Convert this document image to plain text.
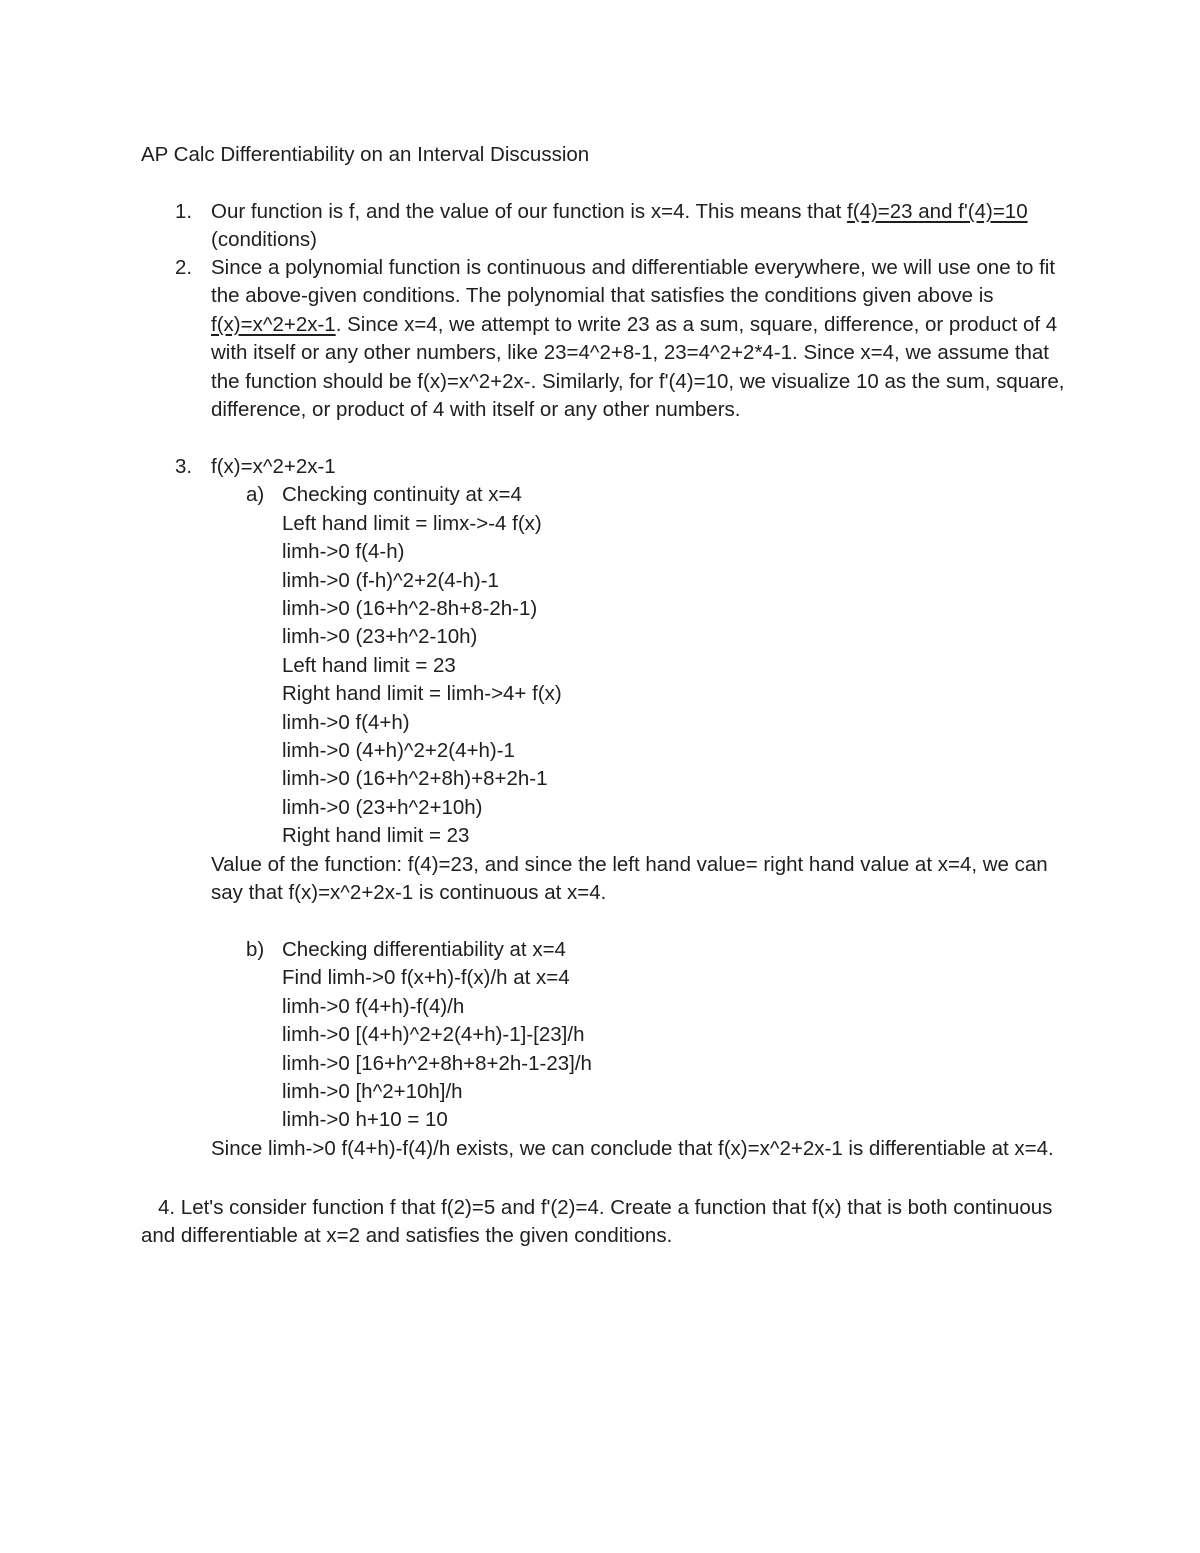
AP Calc Differentiability on an Interval Discussion
1. Our function is f, and the value of our function is x=4. This means that f(4)=23 and f'(4)=10 (conditions)
2. Since a polynomial function is continuous and differentiable everywhere, we will use one to fit the above-given conditions. The polynomial that satisfies the conditions given above is f(x)=x^2+2x-1. Since x=4, we attempt to write 23 as a sum, square, difference, or product of 4 with itself or any other numbers, like 23=4^2+8-1, 23=4^2+2*4-1. Since x=4, we assume that the function should be f(x)=x^2+2x-. Similarly, for f'(4)=10, we visualize 10 as the sum, square, difference, or product of 4 with itself or any other numbers.
3. f(x)=x^2+2x-1
a) Checking continuity at x=4
Left hand limit = limx->-4 f(x)
limh->0 f(4-h)
limh->0 (f-h)^2+2(4-h)-1
limh->0 (16+h^2-8h+8-2h-1)
limh->0 (23+h^2-10h)
Left hand limit = 23
Right hand limit = limh->4+ f(x)
limh->0 f(4+h)
limh->0 (4+h)^2+2(4+h)-1
limh->0 (16+h^2+8h)+8+2h-1
limh->0 (23+h^2+10h)
Right hand limit = 23
Value of the function: f(4)=23, and since the left hand value= right hand value at x=4, we can say that f(x)=x^2+2x-1 is continuous at x=4.
b) Checking differentiability at x=4
Find limh->0 f(x+h)-f(x)/h at x=4
limh->0 f(4+h)-f(4)/h
limh->0 [(4+h)^2+2(4+h)-1]-[23]/h
limh->0 [16+h^2+8h+8+2h-1-23]/h
limh->0 [h^2+10h]/h
limh->0 h+10 = 10
Since limh->0 f(4+h)-f(4)/h exists, we can conclude that f(x)=x^2+2x-1 is differentiable at x=4.
4. Let's consider function f that f(2)=5 and f'(2)=4. Create a function that f(x) that is both continuous and differentiable at x=2 and satisfies the given conditions.
